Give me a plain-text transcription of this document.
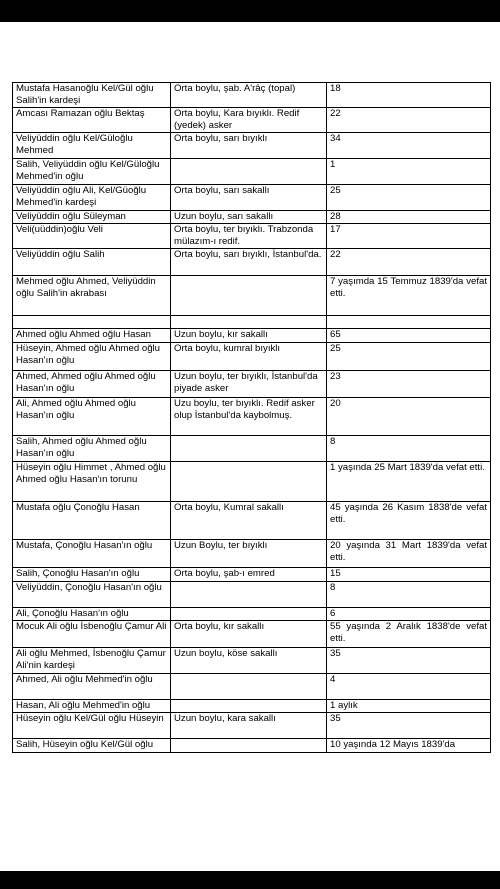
Mustafa Hasanoğlu Kel/Gül oğlu Salih'in kardeşi	Orta boylu, şab. A'râç (topal)	18
Amcası Ramazan oğlu Bektaş	Orta boylu, Kara bıyıklı. Redif (yedek) asker	22
Veliyüddin oğlu Kel/Güloğlu Mehmed	Orta boylu, sarı bıyıklı	34
Salih, Veliyüddin oğlu Kel/Güloğlu Mehmed'in oğlu		1
Veliyüddin oğlu Ali, Kel/Güoğlu Mehmed'in kardeşi	Orta boylu, sarı sakallı	25
Veliyüddin oğlu Süleyman	Uzun boylu, sarı sakallı	28
Veli(uüddin)oğlu Veli	Orta boylu, ter bıyıklı. Trabzonda mülazım-ı redif.	17
Veliyüddin oğlu Salih	Orta boylu, sarı bıyıklı, İstanbul'da.	22
Mehmed oğlu Ahmed, Veliyüddin oğlu Salih'in akrabası		7 yaşımda 15 Temmuz 1839'da vefat etti.

Ahmed oğlu Ahmed oğlu Hasan	Uzun boylu, kır sakallı	65
Hüseyin, Ahmed oğlu Ahmed oğlu Hasan'ın oğlu	Orta boylu, kumral bıyıklı	25
Ahmed, Ahmed oğlu Ahmed oğlu Hasan'ın oğlu	Uzun boylu, ter bıyıklı, İstanbul'da piyade asker	23
Ali, Ahmed oğlu Ahmed oğlu Hasan'ın oğlu	Uzu boylu, ter bıyıklı. Redif asker olup İstanbul'da kaybolmuş.	20
Salih, Ahmed oğlu Ahmed oğlu Hasan'ın oğlu		8
Hüseyin oğlu Himmet , Ahmed oğlu Ahmed oğlu Hasan'ın torunu		1 yaşında 25 Mart 1839'da vefat etti.
Mustafa oğlu Çonoğlu Hasan	Orta boylu, Kumral sakallı	45 yaşında 26 Kasım 1838'de vefat etti.
Mustafa, Çonoğlu Hasan'ın oğlu	Uzun Boylu, ter bıyıklı	20 yaşında 31 Mart 1839'da vefat etti.
Salih, Çonoğlu Hasan'ın oğlu	Orta boylu, şab-ı emred	15
Veliyüddin, Çonoğlu Hasan'ın oğlu		8
Ali, Çonoğlu Hasan'ın oğlu		6
Mocuk Ali oğlu İsbenoğlu Çamur Ali	Orta boylu, kır sakallı	55 yaşında 2 Aralık 1838'de vefat etti.
Ali oğlu Mehmed, İsbenoğlu Çamur Ali'nin kardeşi	Uzun boylu, köse sakallı	35
Ahmed, Ali oğlu Mehmed'in oğlu		4
Hasan, Ali oğlu Mehmed'in oğlu		1 aylık
Hüseyin oğlu Kel/Gül oğlu Hüseyin	Uzun boylu, kara sakallı	35
Salih, Hüseyin oğlu Kel/Gül oğlu		10 yaşında 12 Mayıs 1839'da
